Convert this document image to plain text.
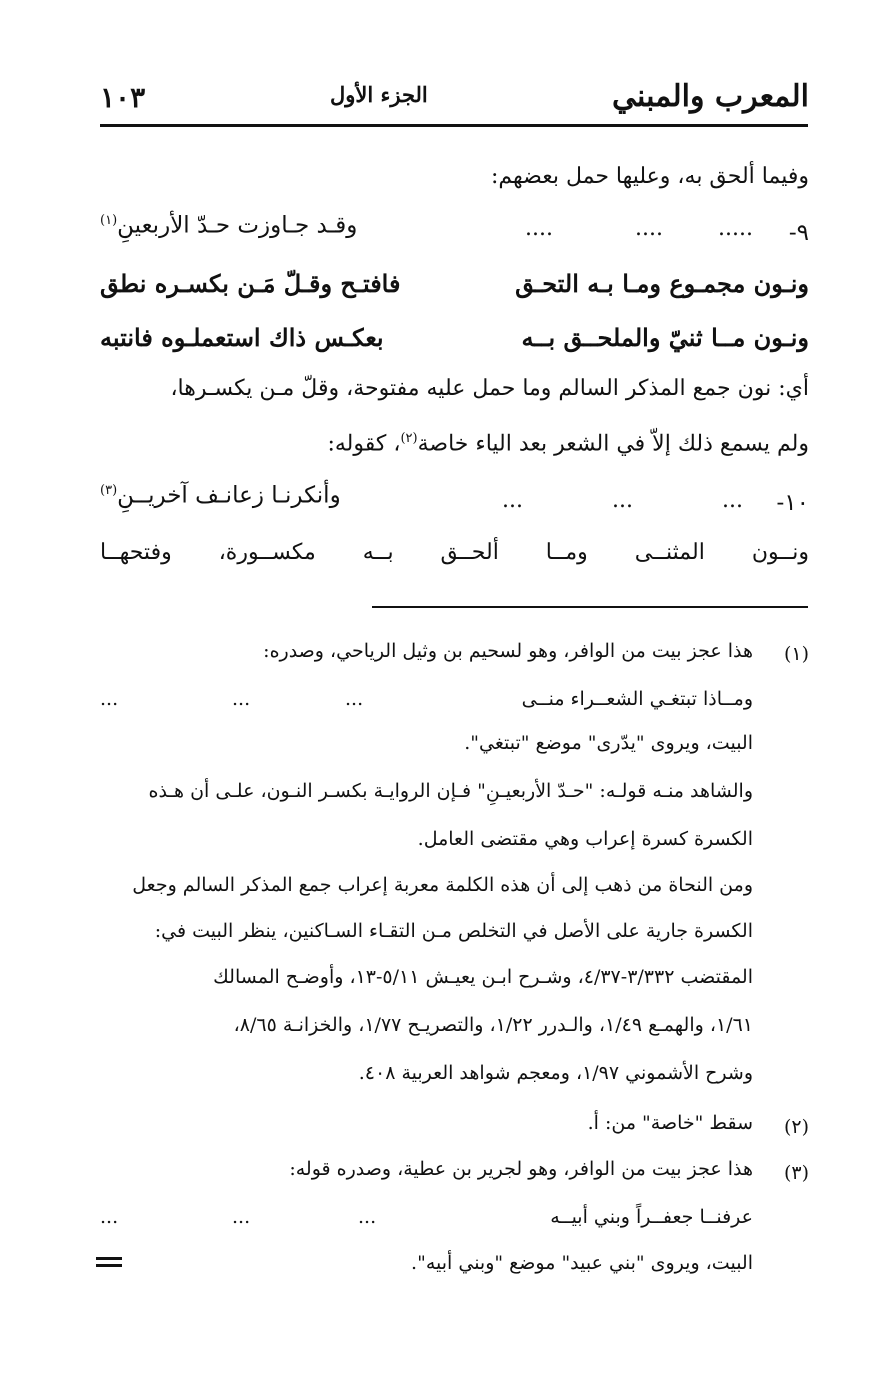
المعرب والمبني
الجزء الأول
١٠٣
وفيما ألحق به، وعليها حمل بعضهم:
٩-
.....
....
....
وقـد جـاوزت حـدّ الأربعينِ$^{(١)}$
ونـون مجمـوع ومـا بـه التحـق
فافتـح وقـلّ مَـن بكسـره نطق
ونـون مــا ثنيّ والملحــق بــه
بعكـس ذاك استعملـوه فانتبه
أي: نون جمع المذكر السالم وما حمل عليه مفتوحة، وقلّ مـن يكسـرها،
ولم يسمع ذلك إلاّ في الشعر بعد الياء خاصة$^{(٢)}$، كقوله:
١٠-
...
...
...
وأنكرنـا زعانـف آخريــنِ$^{(٣)}$
ونــون المثنــى ومــا ألحــق بــه مكســورة، وفتحهــا
(١)
هذا عجز بيت من الوافر، وهو لسحيم بن وثيل الرياحي، وصدره:
ومــاذا تبتغـي الشعــراء منــى
...	...	...
البيت، ويروى "يدّرى" موضع "تبتغي".
والشاهد منـه قولـه: "حـدّ الأربعيـنِ" فـإن الروايـة بكسـر النـون، علـى أن هـذه
الكسرة كسرة إعراب وهي مقتضى العامل.
ومن النحاة من ذهب إلى أن هذه الكلمة معربة إعراب جمع المذكر السالم وجعل
الكسرة جارية على الأصل في التخلص مـن التقـاء السـاكنين، ينظر البيت في:
المقتضب ٣/٣٣٢-٤/٣٧، وشـرح ابـن يعيـش ٥/١١-١٣، وأوضـح المسالك
١/٦١، والهمـع ١/٤٩، والـدرر ١/٢٢، والتصريـح ١/٧٧، والخزانـة ٨/٦٥،
وشرح الأشموني ١/٩٧، ومعجم شواهد العربية ٤٠٨.
(٢)
سقط "خاصة" من: أ.
(٣)
هذا عجز بيت من الوافر، وهو لجرير بن عطية، وصدره قوله:
عرفنــا جعفــراً وبني أبيــه
...	...	...
البيت، ويروى "بني عبيد" موضع "وبني أبيه".
